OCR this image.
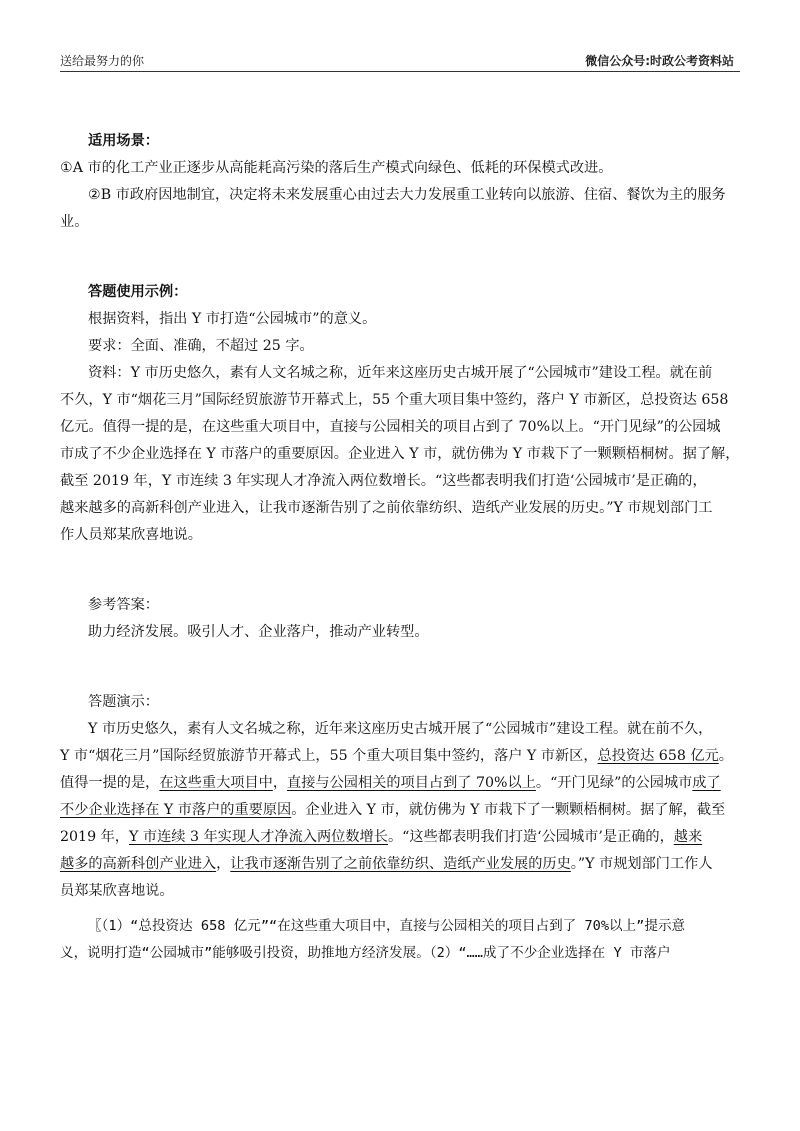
送给最努力的你	微信公众号:时政公考资料站
适用场景：
①A 市的化工产业正逐步从高能耗高污染的落后生产模式向绿色、低耗的环保模式改进。
②B 市政府因地制宜，决定将未来发展重心由过去大力发展重工业转向以旅游、住宿、餐饮为主的服务
业。
答题使用示例：
根据资料，指出 Y 市打造“公园城市”的意义。
要求：全面、准确，不超过 25 字。
资料：Y 市历史悠久，素有人文名城之称，近年来这座历史古城开展了“公园城市”建设工程。就在前
不久，Y 市“烟花三月”国际经贸旅游节开幕式上，55 个重大项目集中签约，落户 Y 市新区，总投资达 658
亿元。值得一提的是，在这些重大项目中，直接与公园相关的项目占到了 70%以上。“开门见绿”的公园城
市成了不少企业选择在 Y 市落户的重要原因。企业进入 Y 市，就仿佛为 Y 市栽下了一颗颗梧桐树。据了解，
截至 2019 年，Y 市连续 3 年实现人才净流入两位数增长。“这些都表明我们打造‘公园城市’是正确的，
越来越多的高新科创产业进入，让我市逐渐告别了之前依靠纺织、造纸产业发展的历史。”Y 市规划部门工
作人员郑某欣喜地说。
参考答案：
助力经济发展。吸引人才、企业落户，推动产业转型。
答题演示：
Y 市历史悠久，素有人文名城之称，近年来这座历史古城开展了“公园城市”建设工程。就在前不久，
Y 市“烟花三月”国际经贸旅游节开幕式上，55 个重大项目集中签约，落户 Y 市新区，总投资达 658 亿元。
值得一提的是，在这些重大项目中，直接与公园相关的项目占到了 70%以上。“开门见绿”的公园城市成了
不少企业选择在 Y 市落户的重要原因。企业进入 Y 市，就仿佛为 Y 市栽下了一颗颗梧桐树。据了解，截至
2019 年，Y 市连续 3 年实现人才净流入两位数增长。“这些都表明我们打造‘公园城市’是正确的，越来
越多的高新科创产业进入，让我市逐渐告别了之前依靠纺织、造纸产业发展的历史。”Y 市规划部门工作人
员郑某欣喜地说。
〖（1）“总投资达 658 亿元”“在这些重大项目中，直接与公园相关的项目占到了 70%以上”提示意
义，说明打造“公园城市”能够吸引投资，助推地方经济发展。（2）“……成了不少企业选择在 Y 市落户
